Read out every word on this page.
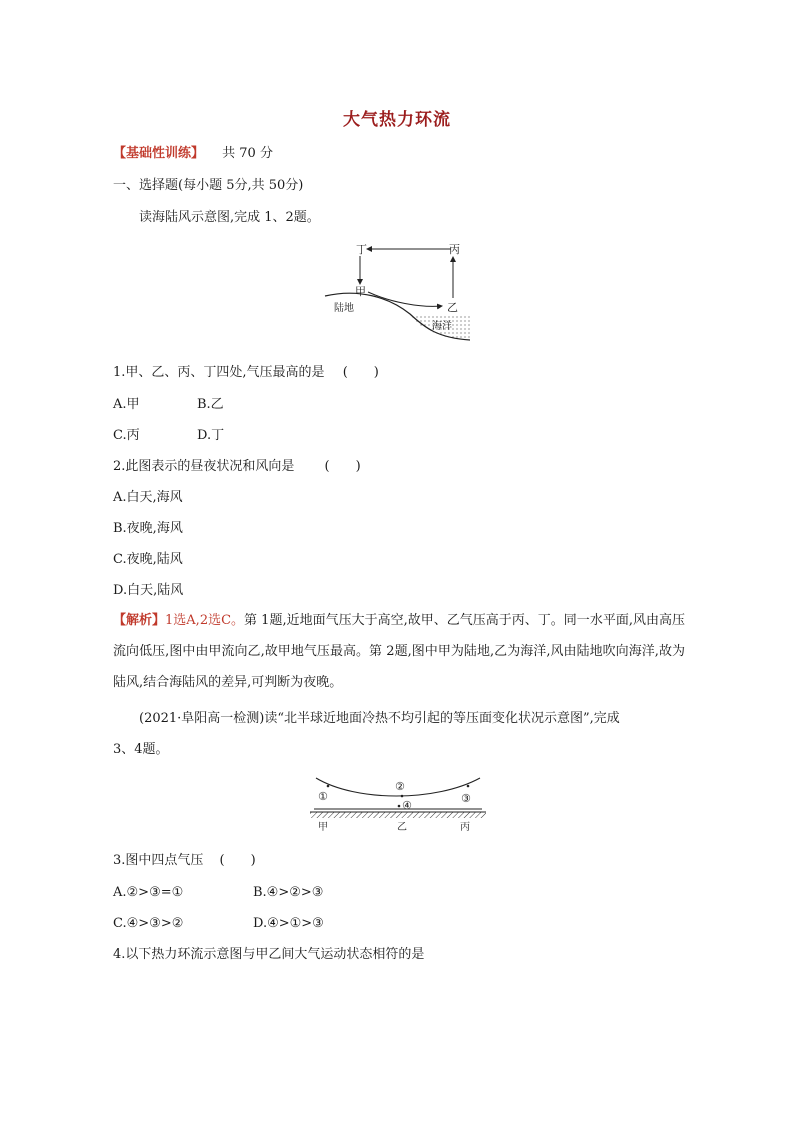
大气热力环流
【基础性训练】 共 70 分
一、选择题(每小题 5分,共 50分)
读海陆风示意图,完成 1、2题。
丁	丙
甲
乙
陆地
海洋
1.甲、乙、丙、丁四处,气压最高的是 (　　)
A.甲	B.乙
C.丙	D.丁
2.此图表示的昼夜状况和风向是 (　　)
A.白天,海风
B.夜晚,海风
C.夜晚,陆风
D.白天,陆风
【解析】1选A,2选C。第 1题,近地面气压大于高空,故甲、乙气压高于丙、丁。同一水平面,风由高压流向低压,图中由甲流向乙,故甲地气压最高。第 2题,图中甲为陆地,乙为海洋,风由陆地吹向海洋,故为陆风,结合海陆风的差异,可判断为夜晚。
(2021·阜阳高一检测)读“北半球近地面冷热不均引起的等压面变化状况示意图”,完成
3、4题。
①
②
③
④
甲	乙	丙
3.图中四点气压 (　　)
A.②>③=①	B.④>②>③
C.④>③>②	D.④>①>③
4.以下热力环流示意图与甲乙间大气运动状态相符的是
